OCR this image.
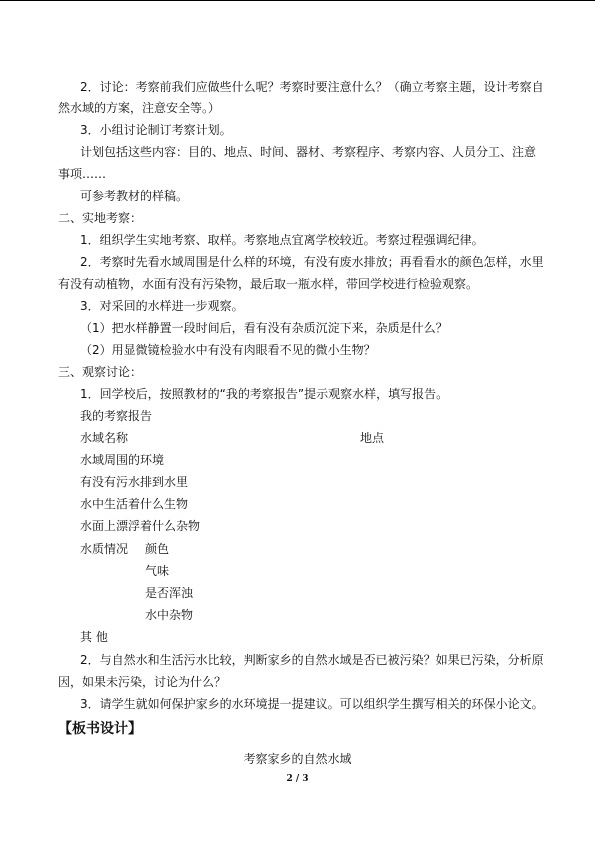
2．讨论：考察前我们应做些什么呢？考察时要注意什么？（确立考察主题，设计考察自
然水域的方案，注意安全等。）
3．小组讨论制订考察计划。
计划包括这些内容：目的、地点、时间、器材、考察程序、考察内容、人员分工、注意
事项……
可参考教材的样稿。
二、实地考察：
1．组织学生实地考察、取样。考察地点宜离学校较近。考察过程强调纪律。
2．考察时先看水域周围是什么样的环境，有没有废水排放；再看看水的颜色怎样，水里
有没有动植物，水面有没有污染物，最后取一瓶水样，带回学校进行检验观察。
3．对采回的水样进一步观察。
（1）把水样静置一段时间后，看有没有杂质沉淀下来，杂质是什么？
（2）用显微镜检验水中有没有肉眼看不见的微小生物？
三、观察讨论：
1．回学校后，按照教材的“我的考察报告”提示观察水样，填写报告。
我的考察报告
水域名称	地点
水域周围的环境
有没有污水排到水里
水中生活着什么生物
水面上漂浮着什么杂物
水质情况 颜色
气味
是否浑浊
水中杂物
其 他
2．与自然水和生活污水比较，判断家乡的自然水域是否已被污染？如果已污染，分析原
因，如果未污染，讨论为什么？
3．请学生就如何保护家乡的水环境提一提建议。可以组织学生撰写相关的环保小论文。
【板书设计】
考察家乡的自然水域
2 / 3
